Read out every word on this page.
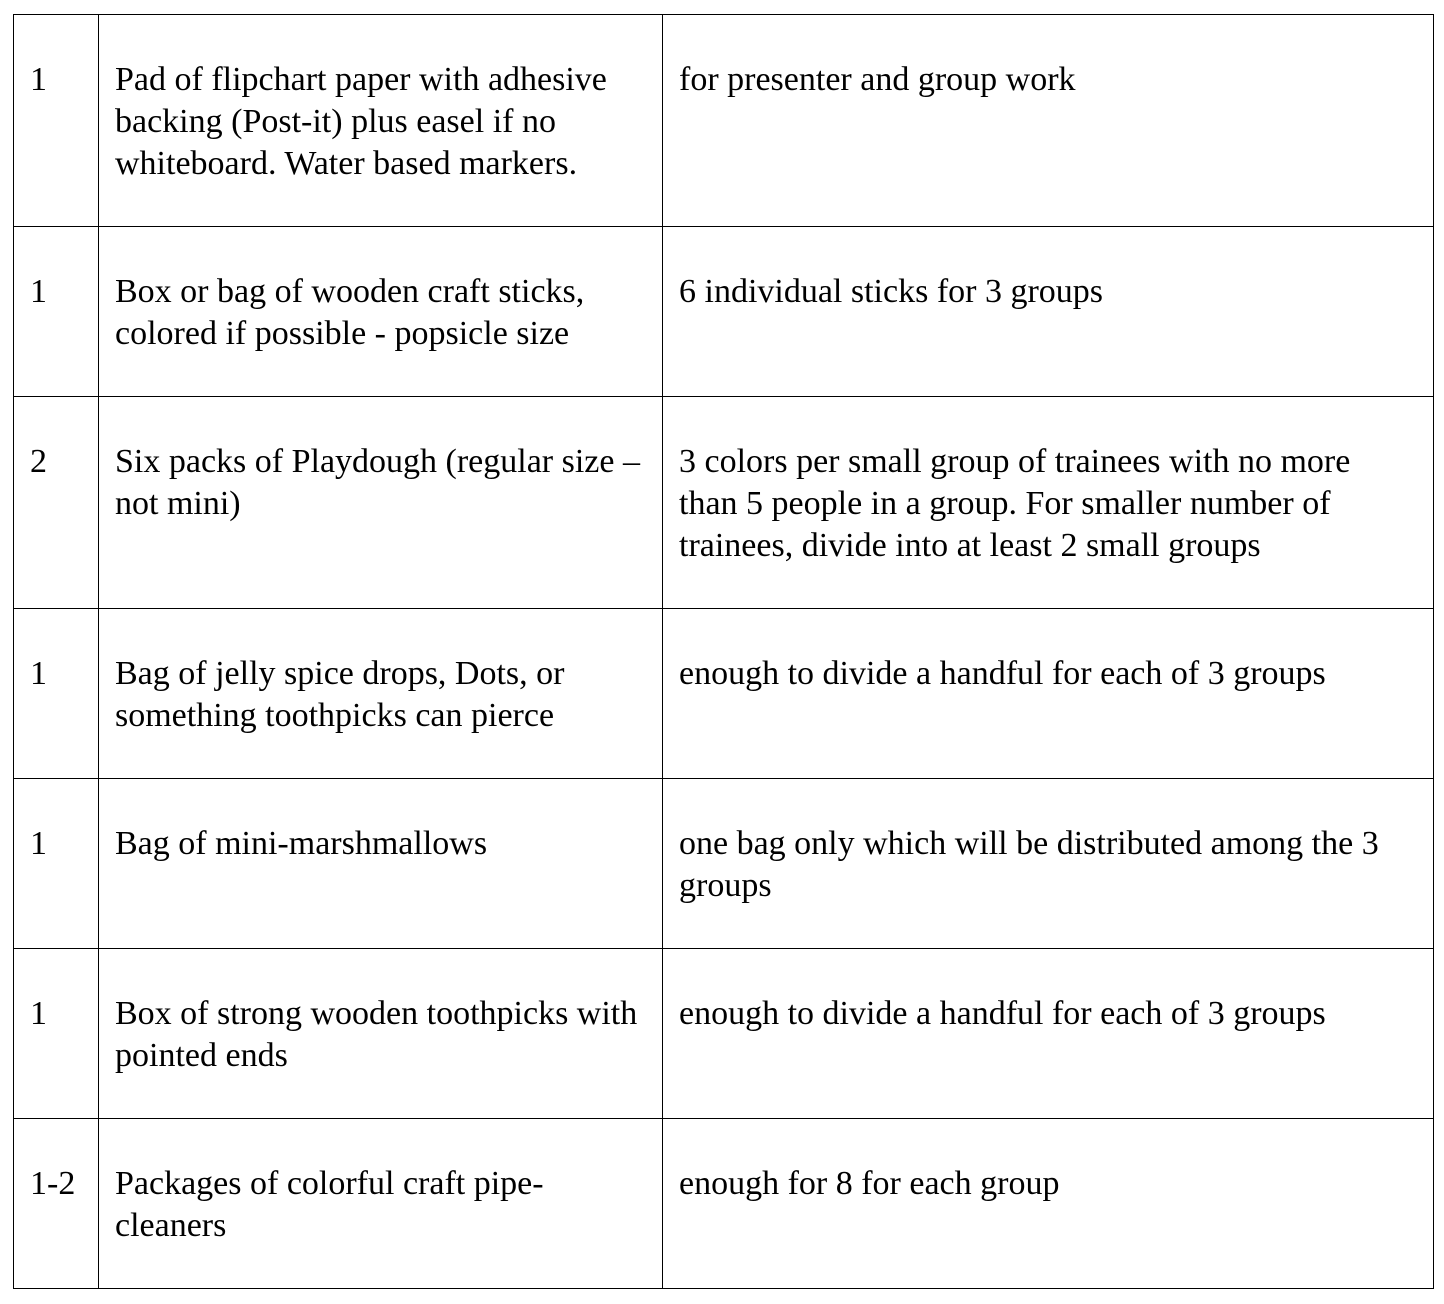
1	Pad of flipchart paper with adhesive backing (Post-it) plus easel if no whiteboard. Water based markers.	for presenter and group work
1	Box or bag of wooden craft sticks, colored if possible - popsicle size	6 individual sticks for 3 groups
2	Six packs of Playdough (regular size – not mini)	3 colors per small group of trainees with no more than 5 people in a group. For smaller number of trainees, divide into at least 2 small groups
1	Bag of jelly spice drops, Dots, or something toothpicks can pierce	enough to divide a handful for each of 3 groups
1	Bag of mini-marshmallows	one bag only which will be distributed among the 3 groups
1	Box of strong wooden toothpicks with pointed ends	enough to divide a handful for each of 3 groups
1-2	Packages of colorful craft pipe-cleaners	enough for 8 for each group
